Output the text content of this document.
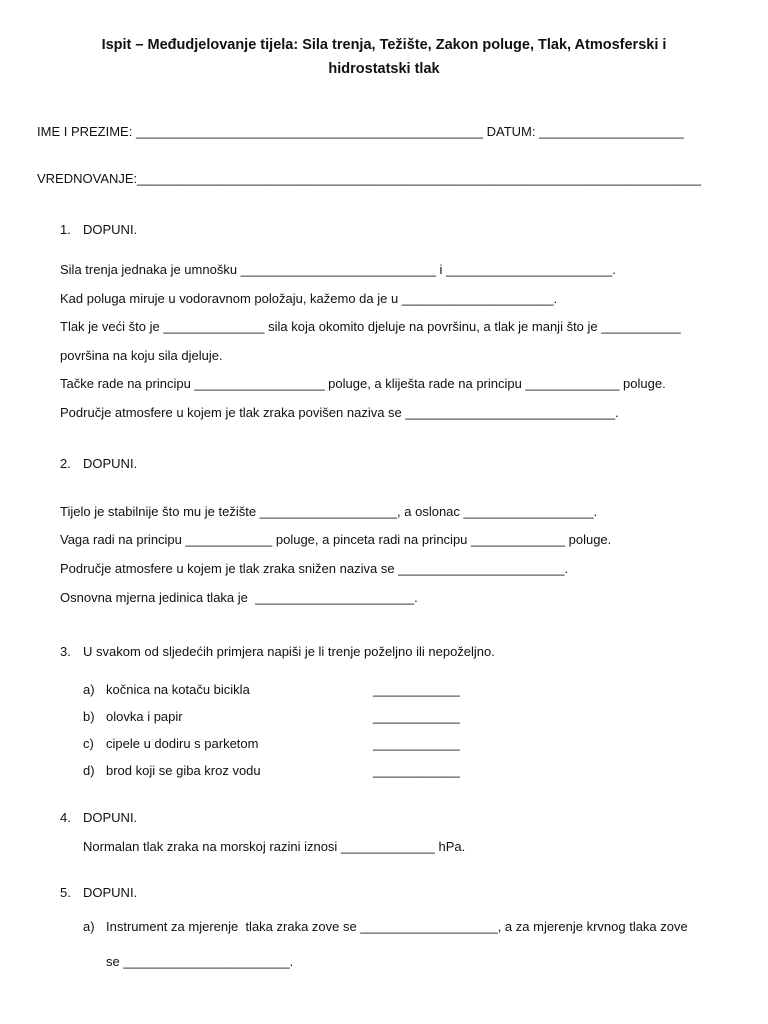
Ispit – Međudjelovanje tijela: Sila trenja, Težište, Zakon poluge, Tlak, Atmosferski i
hidrostatski tlak
IME I PREZIME: ________________________________________________ DATUM: ____________________
VREDNOVANJE:______________________________________________________________________________
1. DOPUNI.
Sila trenja jednaka je umnošku ___________________________ i _______________________.
Kad poluga miruje u vodoravnom položaju, kažemo da je u _____________________.
Tlak je veći što je ______________ sila koja okomito djeluje na površinu, a tlak je manji što je ___________
površina na koju sila djeluje.
Tačke rade na principu __________________ poluge, a kliješta rade na principu _____________ poluge.
Područje atmosfere u kojem je tlak zraka povišen naziva se _____________________________.
2. DOPUNI.
Tijelo je stabilnije što mu je težište ___________________, a oslonac __________________.
Vaga radi na principu ____________ poluge, a pinceta radi na principu _____________ poluge.
Područje atmosfere u kojem je tlak zraka snižen naziva se _______________________.
Osnovna mjerna jedinica tlaka je  ______________________.
3. U svakom od sljedećih primjera napiši je li trenje poželjno ili nepoželjno.
a) kočnica na kotaču bicikla	____________
b) olovka i papir	____________
c) cipele u dodiru s parketom	____________
d) brod koji se giba kroz vodu	____________
4. DOPUNI.
Normalan tlak zraka na morskoj razini iznosi _____________ hPa.
5. DOPUNI.
a) Instrument za mjerenje  tlaka zraka zove se ___________________, a za mjerenje krvnog tlaka zove
se _______________________.
